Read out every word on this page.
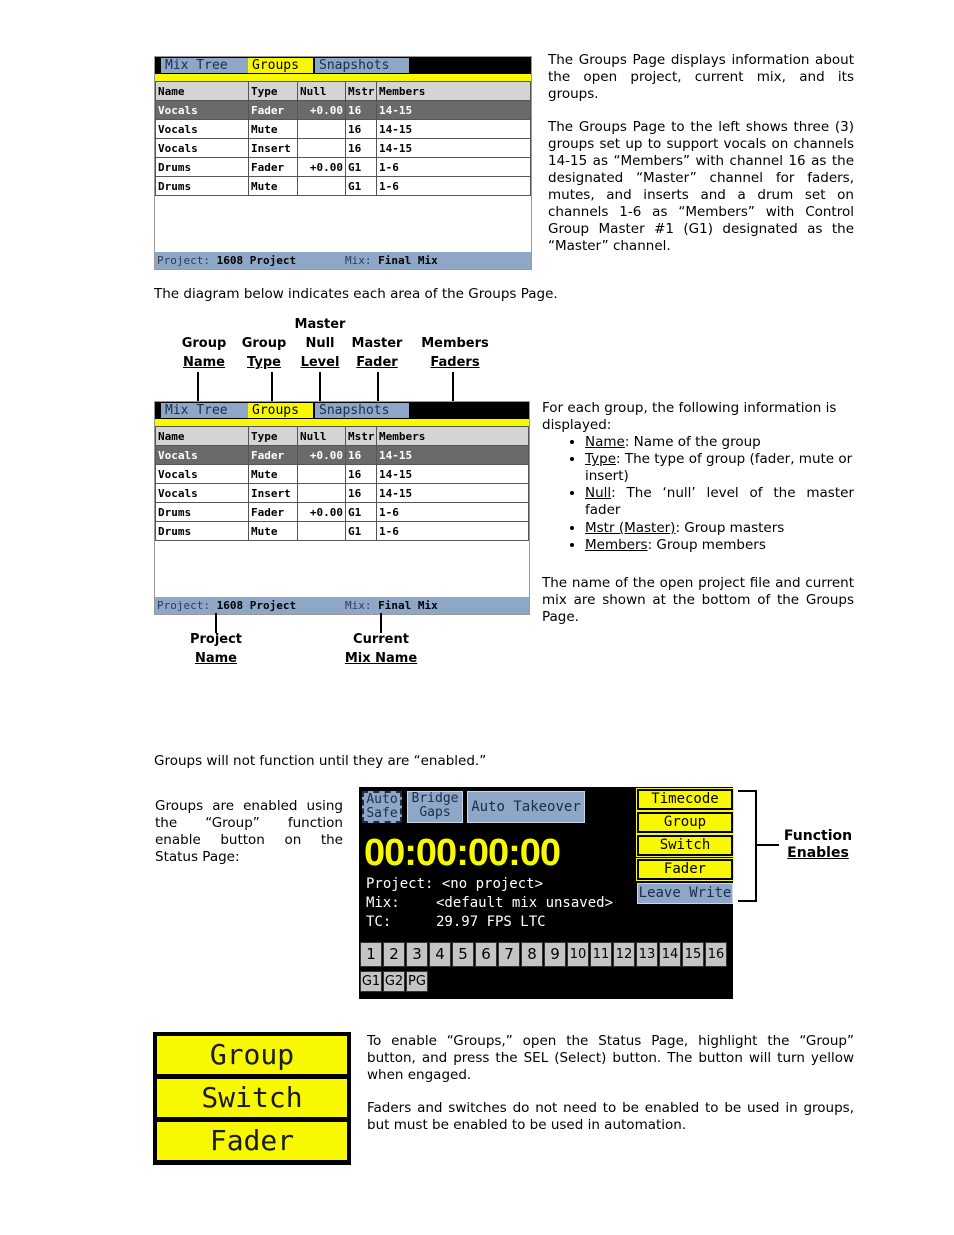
Mix Tree	Groups	Snapshots
Name	Type	Null	Mstr	Members
Vocals	Fader	+0.00	16	14-15
Vocals	Mute		16	14-15
Vocals	Insert		16	14-15
Drums	Fader	+0.00	G1	1-6
Drums	Mute		G1	1-6
Project: 1608 Project	Mix: Final Mix

The Groups Page displays information about the open project, current mix, and its groups.

The Groups Page to the left shows three (3) groups set up to support vocals on channels 14-15 as “Members” with channel 16 as the designated “Master” channel for faders, mutes, and inserts and a drum set on channels 1-6 as “Members” with Control Group Master #1 (G1) designated as the “Master” channel.

The diagram below indicates each area of the Groups Page.
Group
Name
Group
Type
Master
Null
Level
Master
Fader
Members
Faders
Mix Tree	Groups	Snapshots
Name	Type	Null	Mstr	Members
Vocals	Fader	+0.00	16	14-15
Vocals	Mute		16	14-15
Vocals	Insert		16	14-15
Drums	Fader	+0.00	G1	1-6
Drums	Mute		G1	1-6
Project: 1608 Project	Mix: Final Mix
Project
Name
Current
Mix Name
For each group, the following information is displayed:
• Name: Name of the group
• Type: The type of group (fader, mute or insert)
• Null: The ‘null’ level of the master fader
• Mstr (Master): Group masters
• Members: Group members

The name of the open project file and current mix are shown at the bottom of the Groups Page.

Groups will not function until they are “enabled.”
Groups are enabled using the “Group” function enable button on the Status Page:
Auto
Safe
Bridge
Gaps	Auto Takeover	Timecode
Group
Switch
Fader
Leave Write
00:00:00:00
Project: <no project>
Mix:	<default mix unsaved>
TC:	29.97 FPS LTC
1 2 3 4 5 6 7 8 9 10 11 12 13 14 15 16
G1 G2 PG
Function
Enables
Group
Switch
Fader

To enable “Groups,” open the Status Page, highlight the “Group” button, and press the SEL (Select) button. The button will turn yellow when engaged.

Faders and switches do not need to be enabled to be used in groups, but must be enabled to be used in automation.
